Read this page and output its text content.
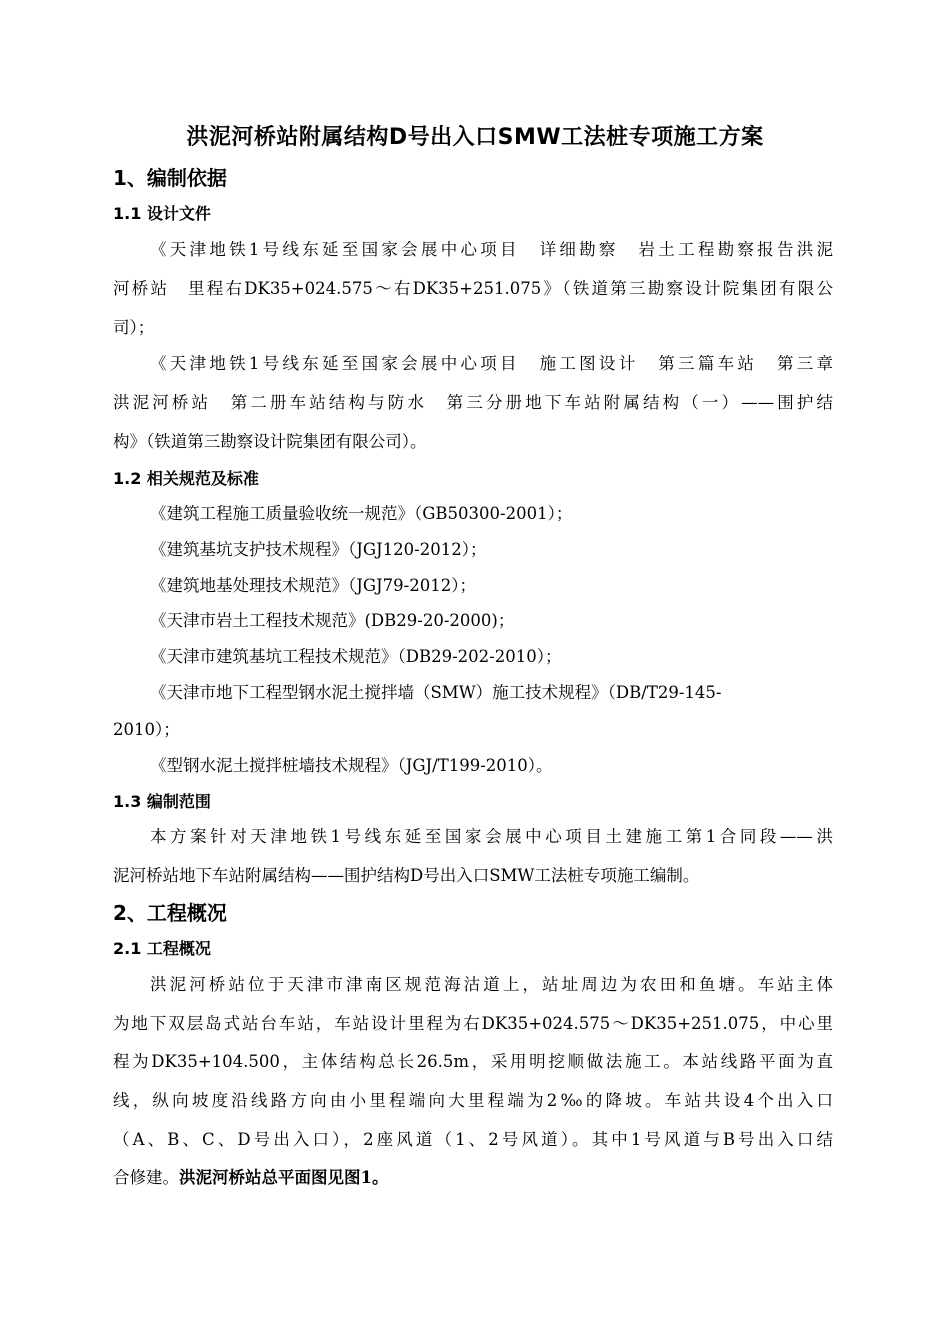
洪泥河桥站附属结构D号出入口SMW工法桩专项施工方案
1、编制依据
1.1 设计文件
《天津地铁1号线东延至国家会展中心项目　详细勘察　岩土工程勘察报告洪泥
河桥站　里程右DK35+024.575～右DK35+251.075》（铁道第三勘察设计院集团有限公
司）；
《天津地铁1号线东延至国家会展中心项目　施工图设计　第三篇车站　第三章
洪泥河桥站　第二册车站结构与防水　第三分册地下车站附属结构（一）——围护结
构》（铁道第三勘察设计院集团有限公司）。
1.2 相关规范及标准
《建筑工程施工质量验收统一规范》（GB50300-2001）；
《建筑基坑支护技术规程》（JGJ120-2012）；
《建筑地基处理技术规范》（JGJ79-2012）；
《天津市岩土工程技术规范》(DB29-20-2000)；
《天津市建筑基坑工程技术规范》（DB29-202-2010）；
《天津市地下工程型钢水泥土搅拌墙（SMW）施工技术规程》（DB/T29-145-
2010）；
《型钢水泥土搅拌桩墙技术规程》（JGJ/T199-2010）。
1.3 编制范围
本方案针对天津地铁1号线东延至国家会展中心项目土建施工第1合同段——洪
泥河桥站地下车站附属结构——围护结构D号出入口SMW工法桩专项施工编制。
2、工程概况
2.1 工程概况
洪泥河桥站位于天津市津南区规范海沽道上，站址周边为农田和鱼塘。车站主体
为地下双层岛式站台车站，车站设计里程为右DK35+024.575～DK35+251.075，中心里
程为DK35+104.500，主体结构总长26.5m，采用明挖顺做法施工。本站线路平面为直
线，纵向坡度沿线路方向由小里程端向大里程端为2‰的降坡。车站共设4个出入口
（A、B、C、D号出入口），2座风道（1、2号风道）。其中1号风道与B号出入口结
合修建。洪泥河桥站总平面图见图1。
